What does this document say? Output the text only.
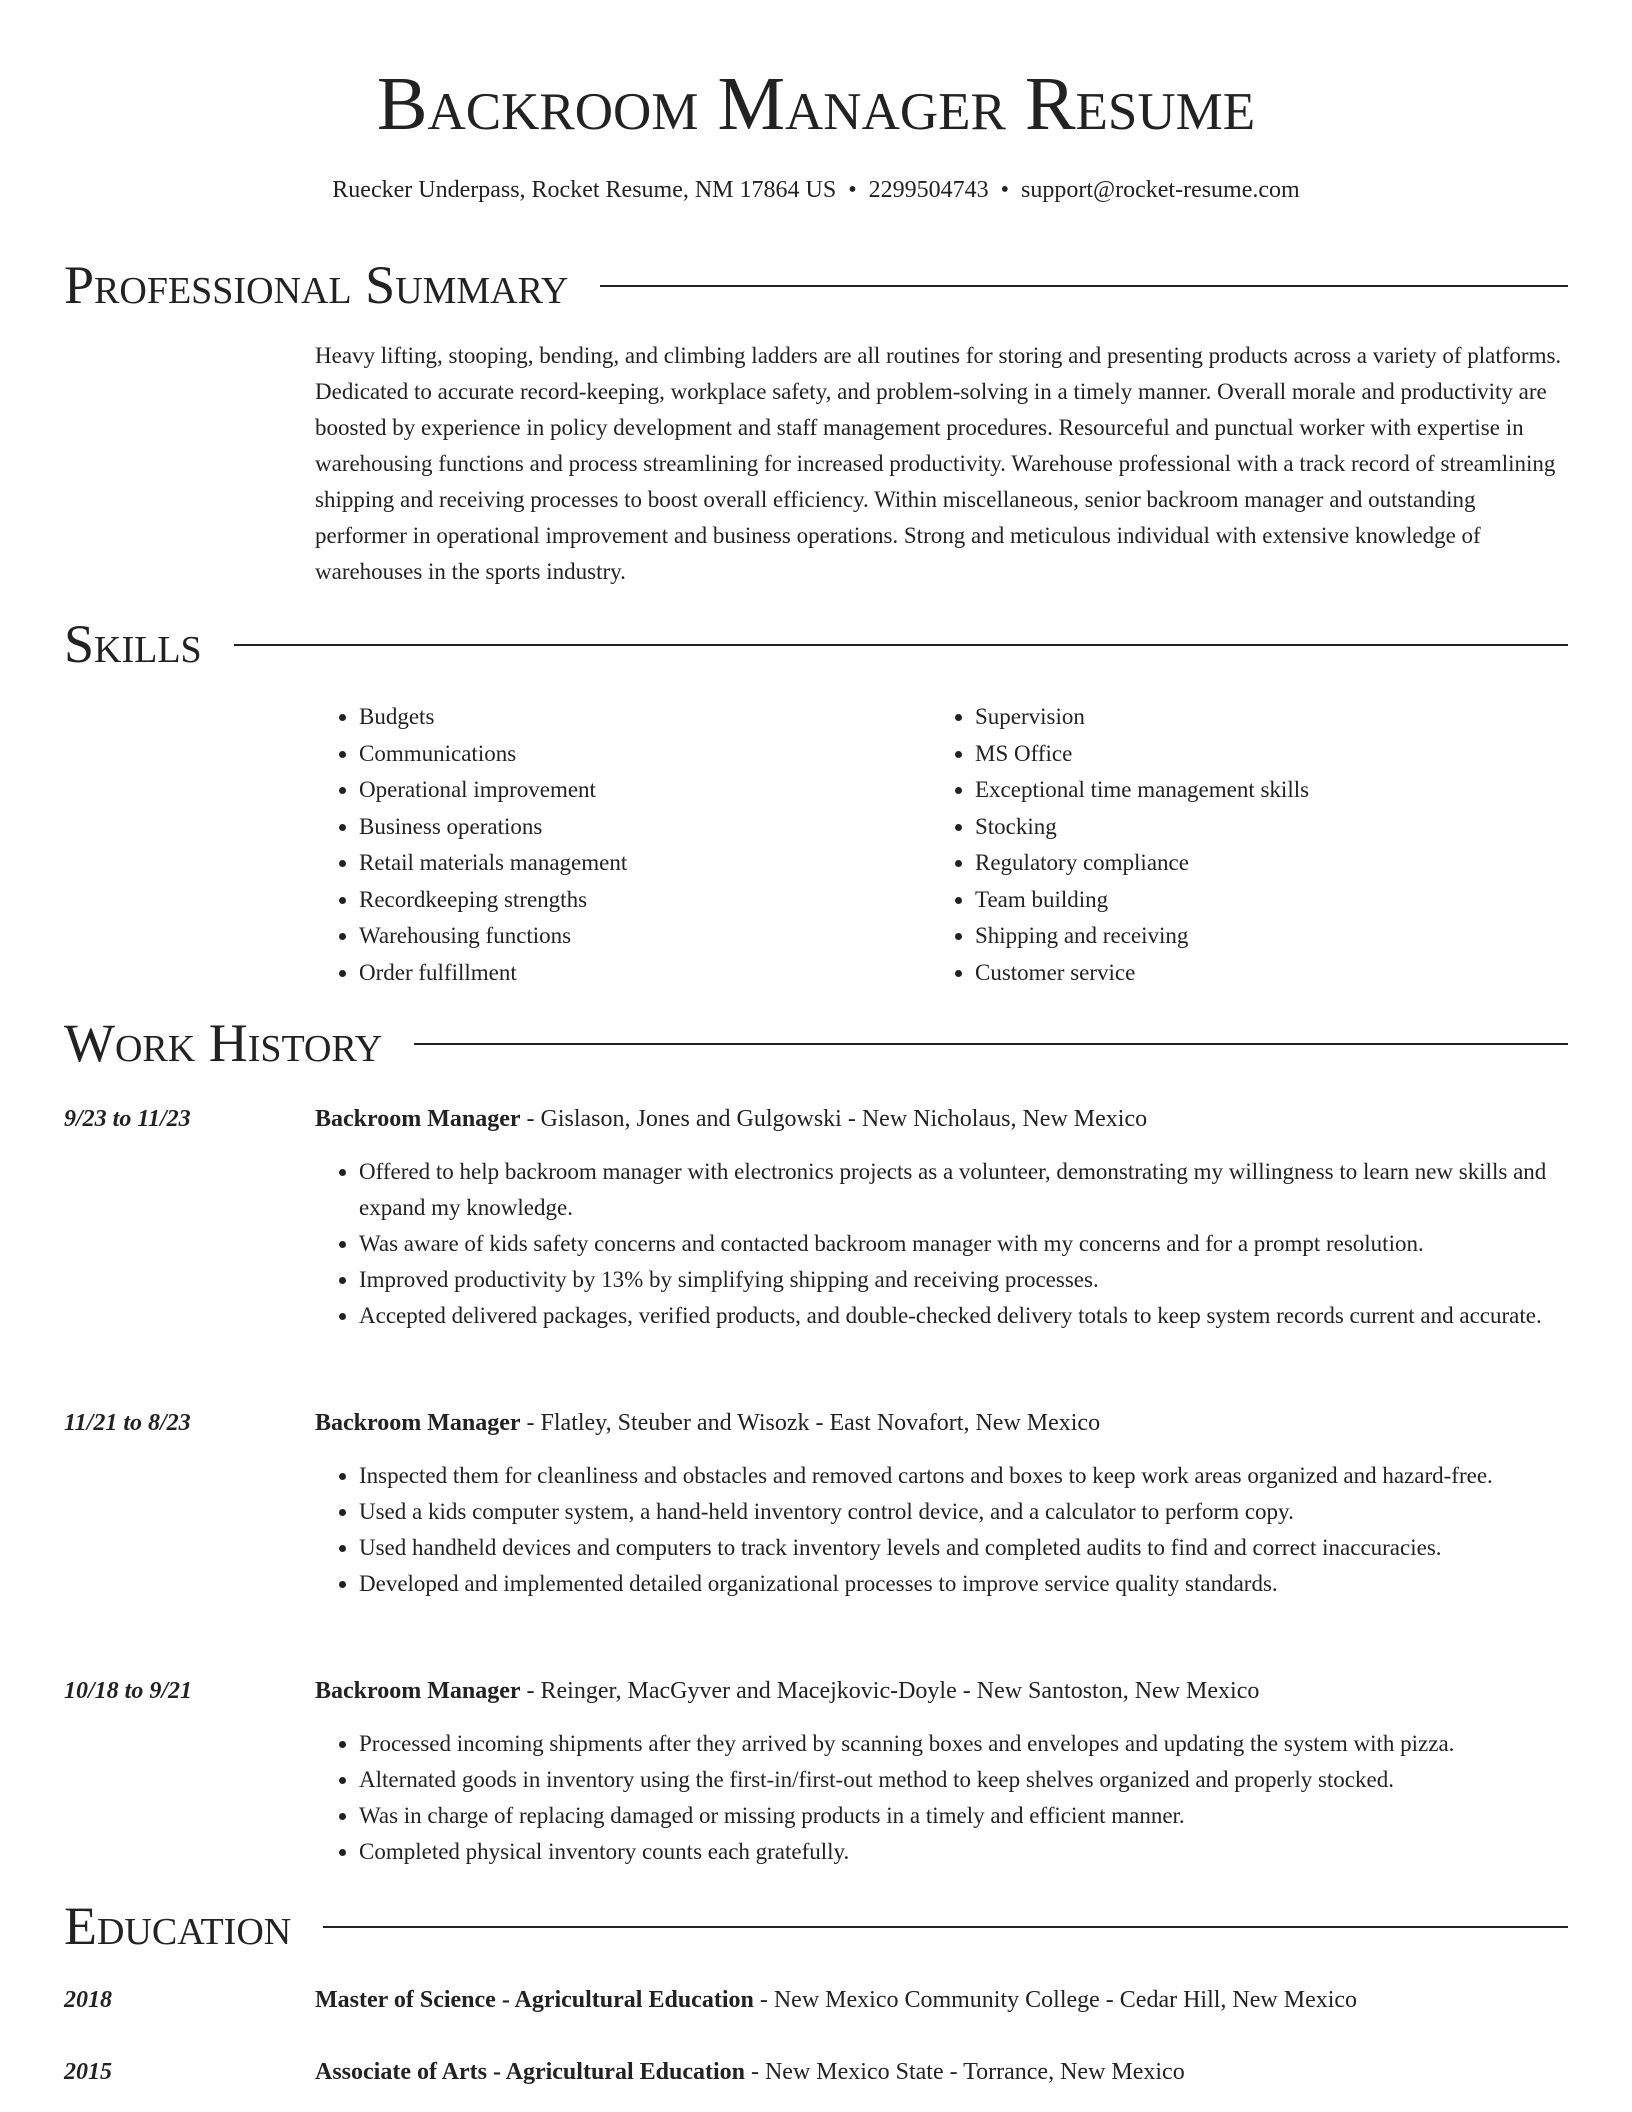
Backroom Manager Resume
Ruecker Underpass, Rocket Resume, NM 17864 US • 2299504743 • support@rocket-resume.com
Professional Summary

Heavy lifting, stooping, bending, and climbing ladders are all routines for storing and presenting products across a variety of platforms. Dedicated to accurate record-keeping, workplace safety, and problem-solving in a timely manner. Overall morale and productivity are boosted by experience in policy development and staff management procedures. Resourceful and punctual worker with expertise in warehousing functions and process streamlining for increased productivity. Warehouse professional with a track record of streamlining shipping and receiving processes to boost overall efficiency. Within miscellaneous, senior backroom manager and outstanding performer in operational improvement and business operations. Strong and meticulous individual with extensive knowledge of warehouses in the sports industry.

Skills
• Budgets
• Communications
• Operational improvement
• Business operations
• Retail materials management
• Recordkeeping strengths
• Warehousing functions
• Order fulfillment
• Supervision
• MS Office
• Exceptional time management skills
• Stocking
• Regulatory compliance
• Team building
• Shipping and receiving
• Customer service
Work History
9/23 to 11/23	Backroom Manager - Gislason, Jones and Gulgowski - New Nicholaus, New Mexico
• Offered to help backroom manager with electronics projects as a volunteer, demonstrating my willingness to learn new skills and expand my knowledge.
• Was aware of kids safety concerns and contacted backroom manager with my concerns and for a prompt resolution.
• Improved productivity by 13% by simplifying shipping and receiving processes.
• Accepted delivered packages, verified products, and double-checked delivery totals to keep system records current and accurate.
11/21 to 8/23	Backroom Manager - Flatley, Steuber and Wisozk - East Novafort, New Mexico
• Inspected them for cleanliness and obstacles and removed cartons and boxes to keep work areas organized and hazard-free.
• Used a kids computer system, a hand-held inventory control device, and a calculator to perform copy.
• Used handheld devices and computers to track inventory levels and completed audits to find and correct inaccuracies.
• Developed and implemented detailed organizational processes to improve service quality standards.
10/18 to 9/21	Backroom Manager - Reinger, MacGyver and Macejkovic-Doyle - New Santoston, New Mexico
• Processed incoming shipments after they arrived by scanning boxes and envelopes and updating the system with pizza.
• Alternated goods in inventory using the first-in/first-out method to keep shelves organized and properly stocked.
• Was in charge of replacing damaged or missing products in a timely and efficient manner.
• Completed physical inventory counts each gratefully.
Education
2018	Master of Science - Agricultural Education - New Mexico Community College - Cedar Hill, New Mexico
2015	Associate of Arts - Agricultural Education - New Mexico State - Torrance, New Mexico
